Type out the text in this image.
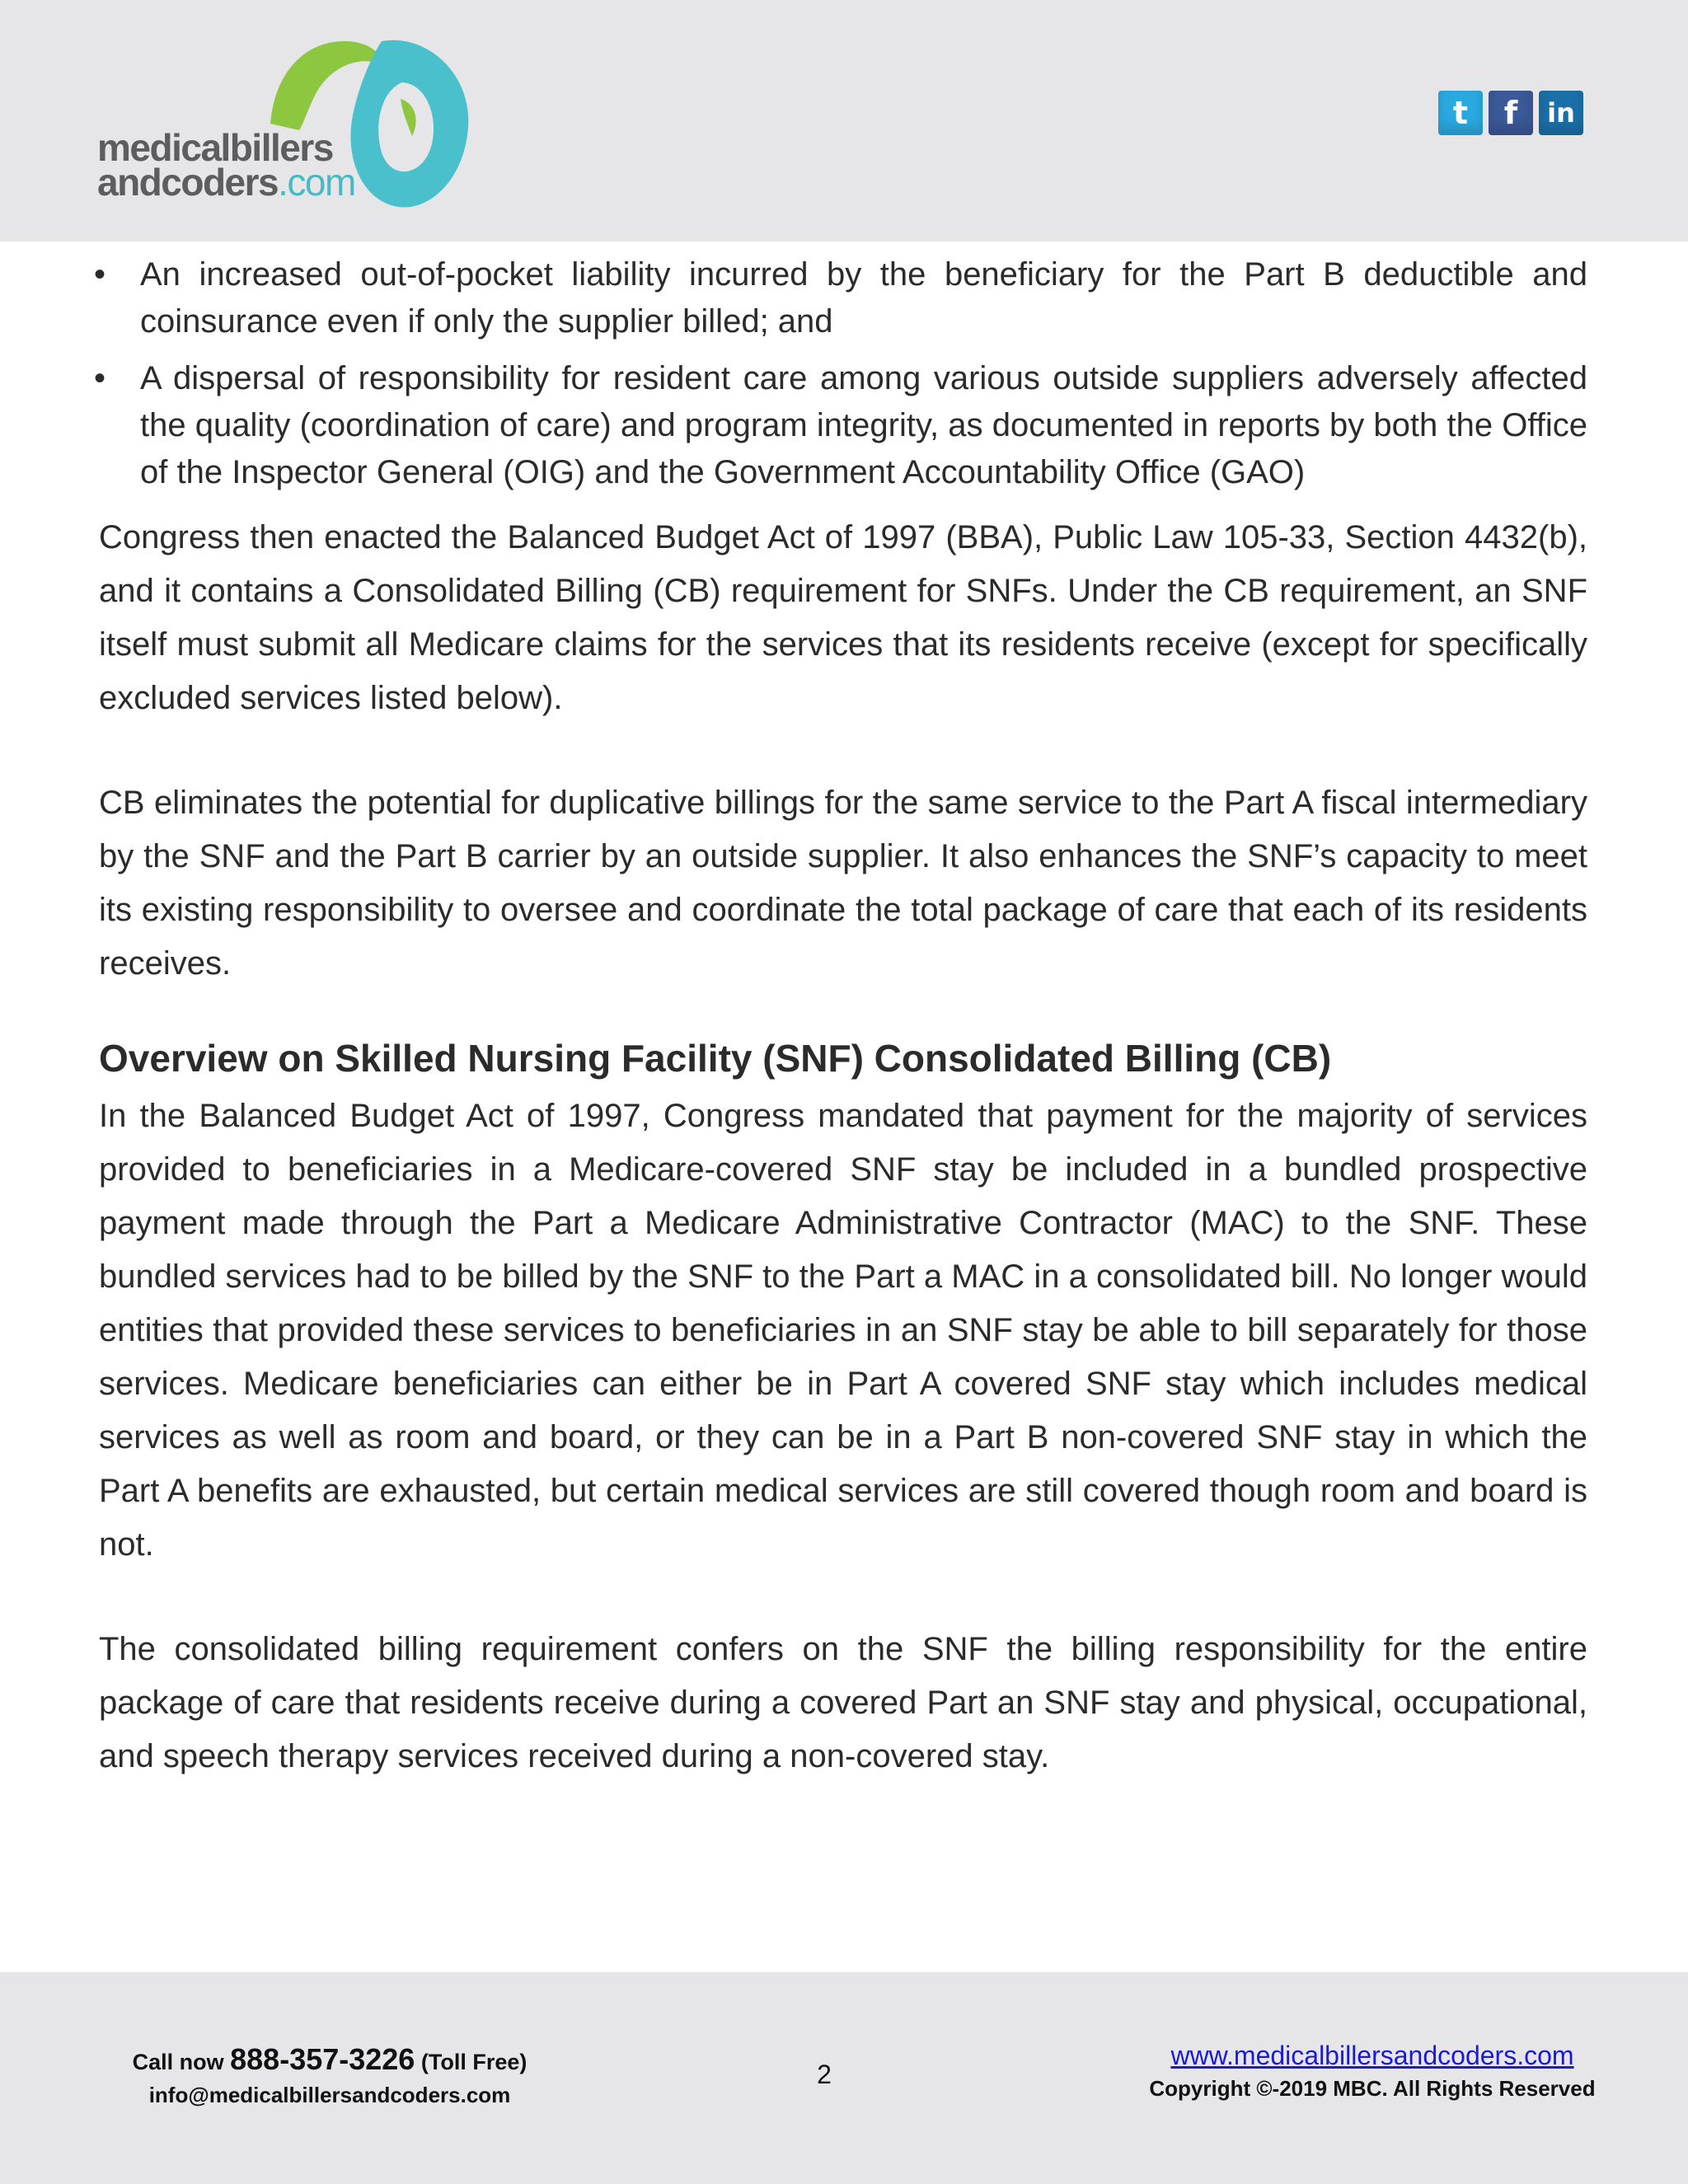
medicalbillers
andcoders.com
t	f	in
• An increased out-of-pocket liability incurred by the beneficiary for the Part B deductible and coinsurance even if only the supplier billed; and
• A dispersal of responsibility for resident care among various outside suppliers adversely affected the quality (coordination of care) and program integrity, as documented in reports by both the Office of the Inspector General (OIG) and the Government Accountability Office (GAO)

Congress then enacted the Balanced Budget Act of 1997 (BBA), Public Law 105-33, Section 4432(b), and it contains a Consolidated Billing (CB) requirement for SNFs. Under the CB requirement, an SNF itself must submit all Medicare claims for the services that its residents receive (except for specifically excluded services listed below).

CB eliminates the potential for duplicative billings for the same service to the Part A fiscal intermediary by the SNF and the Part B carrier by an outside supplier. It also enhances the SNF’s capacity to meet its existing responsibility to oversee and coordinate the total package of care that each of its residents receives.

Overview on Skilled Nursing Facility (SNF) Consolidated Billing (CB)

In the Balanced Budget Act of 1997, Congress mandated that payment for the majority of services provided to beneficiaries in a Medicare-covered SNF stay be included in a bundled prospective payment made through the Part a Medicare Administrative Contractor (MAC) to the SNF. These bundled services had to be billed by the SNF to the Part a MAC in a consolidated bill. No longer would entities that provided these services to beneficiaries in an SNF stay be able to bill separately for those services. Medicare beneficiaries can either be in Part A covered SNF stay which includes medical services as well as room and board, or they can be in a Part B non-covered SNF stay in which the Part A benefits are exhausted, but certain medical services are still covered though room and board is not.

The consolidated billing requirement confers on the SNF the billing responsibility for the entire package of care that residents receive during a covered Part an SNF stay and physical, occupational, and speech therapy services received during a non-covered stay.

Call now 888-357-3226 (Toll Free)
info@medicalbillersandcoders.com
2
www.medicalbillersandcoders.com
Copyright ©-2019 MBC. All Rights Reserved
